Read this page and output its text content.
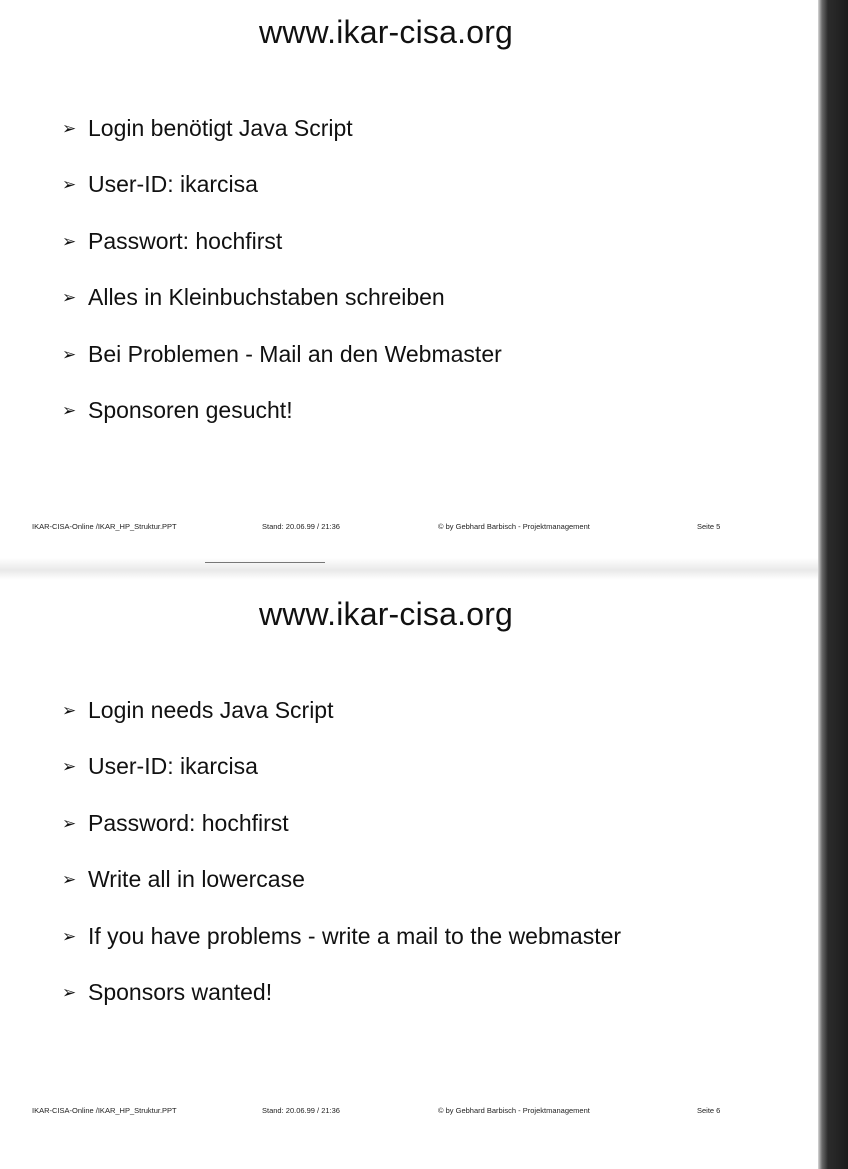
www.ikar-cisa.org
➢ Login benötigt Java Script
➢ User-ID: ikarcisa
➢ Passwort: hochfirst
➢ Alles in Kleinbuchstaben schreiben
➢ Bei Problemen - Mail an den Webmaster
➢ Sponsoren gesucht!
IKAR-CISA-Online /IKAR_HP_Struktur.PPT	Stand: 20.06.99 / 21:36	© by Gebhard Barbisch - Projektmanagement	Seite 5
www.ikar-cisa.org
➢ Login needs Java Script
➢ User-ID: ikarcisa
➢ Password: hochfirst
➢ Write all in lowercase
➢ If you have problems - write a mail to the webmaster
➢ Sponsors wanted!
IKAR-CISA-Online /IKAR_HP_Struktur.PPT	Stand: 20.06.99 / 21:36	© by Gebhard Barbisch - Projektmanagement	Seite 6
